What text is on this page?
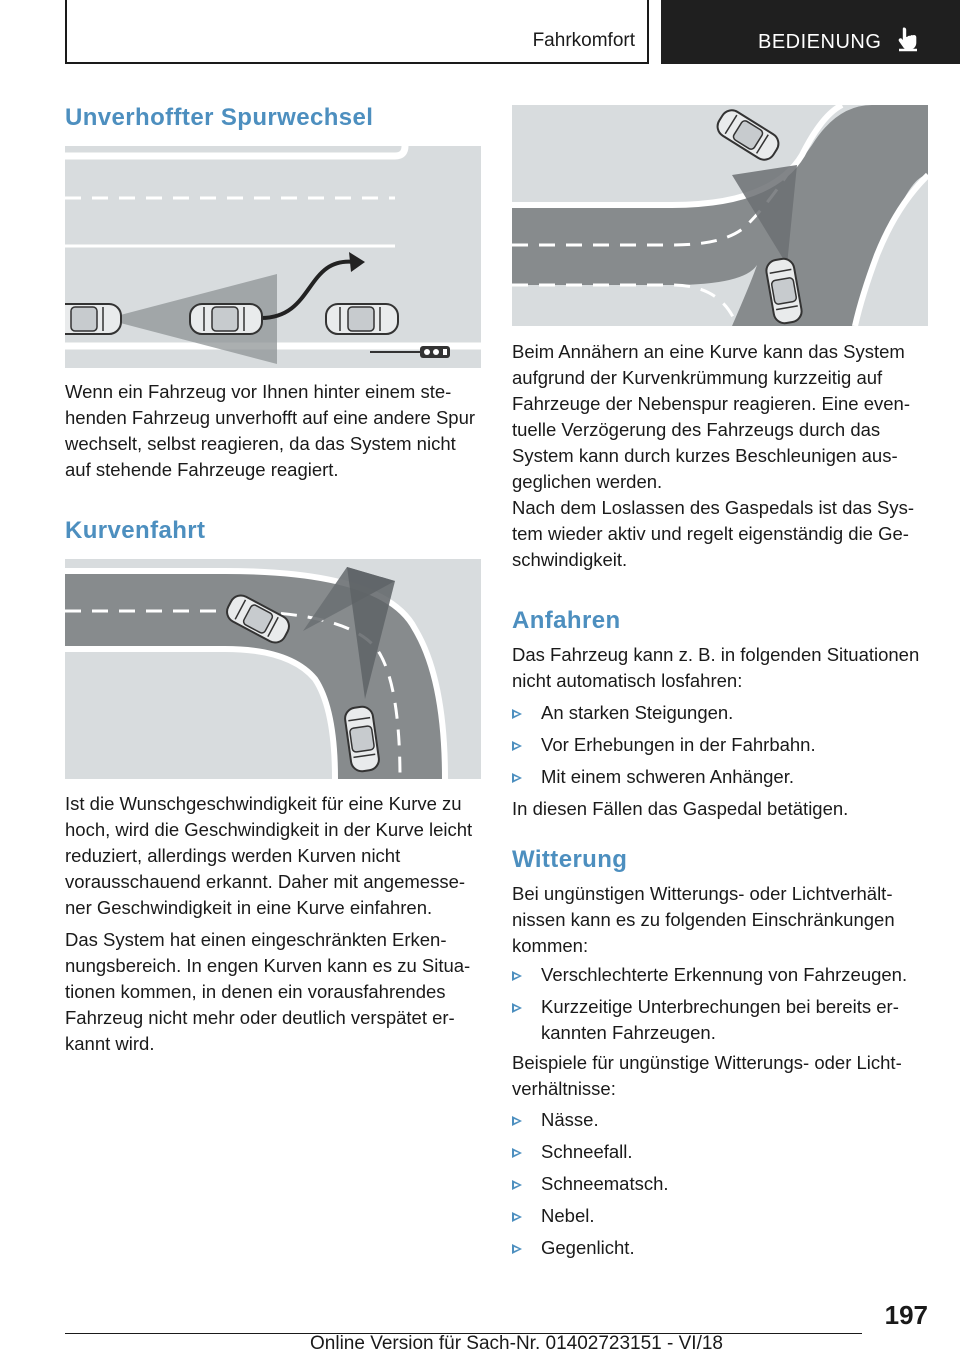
Fahrkomfort	BEDIENUNG
Unverhoffter Spurwechsel

Wenn ein Fahrzeug vor Ihnen hinter einem ste-henden Fahrzeug unverhofft auf eine andere Spur wechselt, selbst reagieren, da das System nicht auf stehende Fahrzeuge reagiert.

Kurvenfahrt

Ist die Wunschgeschwindigkeit für eine Kurve zu hoch, wird die Geschwindigkeit in der Kurve leicht reduziert, allerdings werden Kurven nicht vorausschauend erkannt. Daher mit angemesse-ner Geschwindigkeit in eine Kurve einfahren.

Das System hat einen eingeschränkten Erken-nungsbereich. In engen Kurven kann es zu Situa-tionen kommen, in denen ein vorausfahrendes Fahrzeug nicht mehr oder deutlich verspätet er-kannt wird.

Beim Annähern an eine Kurve kann das System aufgrund der Kurvenkrümmung kurzzeitig auf Fahrzeuge der Nebenspur reagieren. Eine even-tuelle Verzögerung des Fahrzeugs durch das System kann durch kurzes Beschleunigen aus-geglichen werden.

Nach dem Loslassen des Gaspedals ist das Sys-tem wieder aktiv und regelt eigenständig die Ge-schwindigkeit.

Anfahren

Das Fahrzeug kann z. B. in folgenden Situationen nicht automatisch losfahren:

An starken Steigungen.
Vor Erhebungen in der Fahrbahn.
Mit einem schweren Anhänger.

In diesen Fällen das Gaspedal betätigen.

Witterung

Bei ungünstigen Witterungs- oder Lichtverhält-nissen kann es zu folgenden Einschränkungen kommen:

Verschlechterte Erkennung von Fahrzeugen.
Kurzzeitige Unterbrechungen bei bereits er-kannten Fahrzeugen.

Beispiele für ungünstige Witterungs- oder Licht-verhältnisse:

Nässe.
Schneefall.
Schneematsch.
Nebel.
Gegenlicht.
197
Online Version für Sach-Nr. 01402723151 - VI/18
